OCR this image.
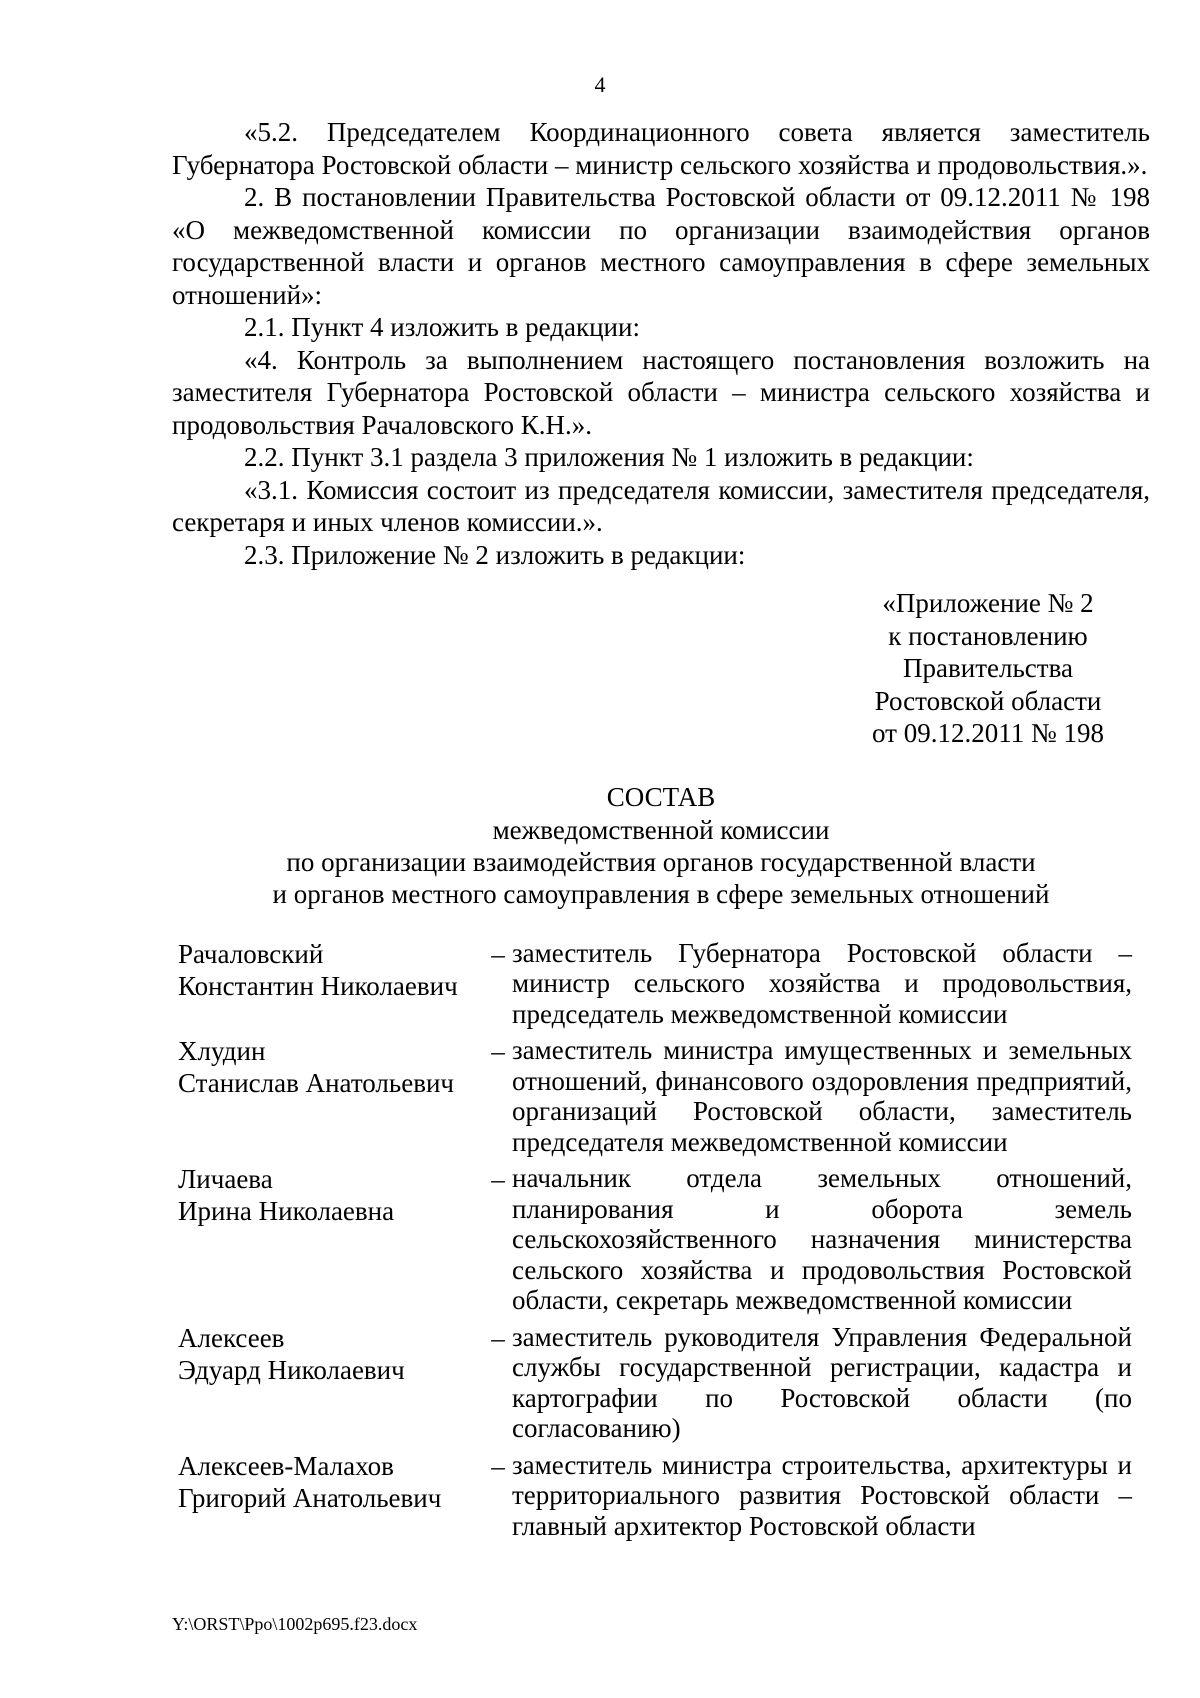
4

«5.2. Председателем Координационного совета является заместитель Губернатора Ростовской области – министр сельского хозяйства и продовольствия.».

2. В постановлении Правительства Ростовской области от 09.12.2011 № 198 «О межведомственной комиссии по организации взаимодействия органов государственной власти и органов местного самоуправления в сфере земельных отношений»:

2.1. Пункт 4 изложить в редакции:

«4. Контроль за выполнением настоящего постановления возложить на заместителя Губернатора Ростовской области – министра сельского хозяйства и продовольствия Рачаловского К.Н.».

2.2. Пункт 3.1 раздела 3 приложения № 1 изложить в редакции:

«3.1. Комиссия состоит из председателя комиссии, заместителя председателя, секретаря и иных членов комиссии.».

2.3. Приложение № 2 изложить в редакции:

«Приложение № 2
к постановлению
Правительства
Ростовской области
от 09.12.2011 № 198
СОСТАВ
межведомственной комиссии
по организации взаимодействия органов государственной власти
и органов местного самоуправления в сфере земельных отношений
Рачаловский
Константин Николаевич
– заместитель Губернатора Ростовской области – министр сельского хозяйства и продовольствия, председатель межведомственной комиссии
Хлудин
Станислав Анатольевич
– заместитель министра имущественных и земельных отношений, финансового оздоровления предприятий, организаций Ростовской области, заместитель председателя межведомственной комиссии
Личаева
Ирина Николаевна
– начальник отдела земельных отношений, планирования и оборота земель сельскохозяйственного назначения министерства сельского хозяйства и продовольствия Ростовской области, секретарь межведомственной комиссии
Алексеев
Эдуард Николаевич
– заместитель руководителя Управления Федеральной службы государственной регистрации, кадастра и картографии по Ростовской области (по согласованию)
Алексеев-Малахов
Григорий Анатольевич
– заместитель министра строительства, архитектуры и территориального развития Ростовской области – главный архитектор Ростовской области
Y:\ORST\Ppo\1002p695.f23.docx
